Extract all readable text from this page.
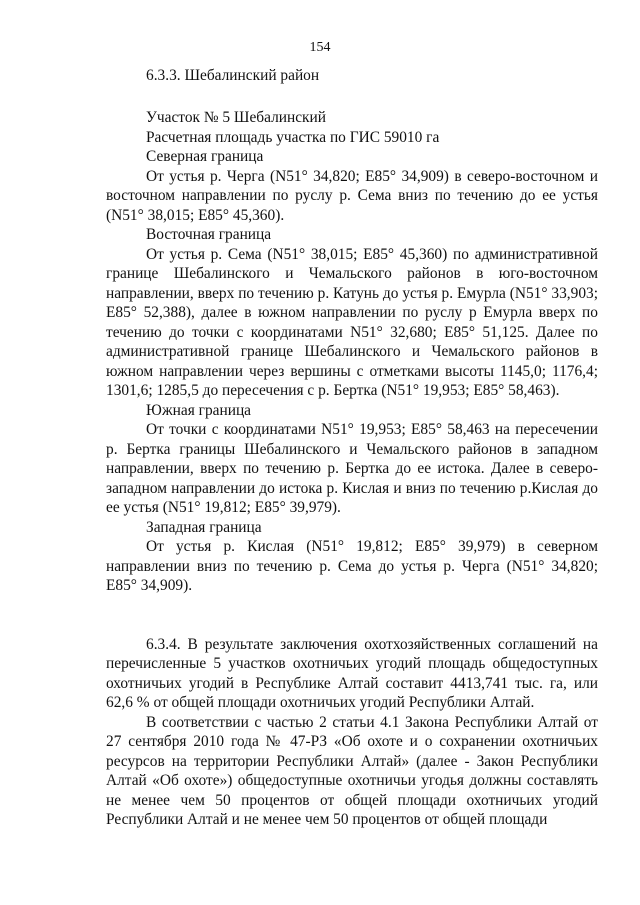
154
6.3.3. Шебалинский район

Участок № 5 Шебалинский

Расчетная площадь участка по ГИС 59010 га

Северная граница

От устья р. Черга (N51° 34,820; E85° 34,909) в северо-восточном и восточном направлении по руслу р. Сема вниз по течению до ее устья (N51° 38,015; E85° 45,360).

Восточная граница

От устья р. Сема (N51° 38,015; E85° 45,360) по административной границе Шебалинского и Чемальского районов в юго-восточном направлении, вверх по течению р. Катунь до устья р. Емурла (N51° 33,903; E85° 52,388), далее в южном направлении по руслу р Емурла вверх по течению до точки с координатами N51° 32,680; E85° 51,125. Далее по административной границе Шебалинского и Чемальского районов в южном направлении через вершины с отметками высоты 1145,0; 1176,4; 1301,6; 1285,5 до пересечения с р. Бертка (N51° 19,953; E85° 58,463).

Южная граница

От точки с координатами N51° 19,953; E85° 58,463 на пересечении р. Бертка границы Шебалинского и Чемальского районов в западном направлении, вверх по течению р. Бертка до ее истока. Далее в северо-западном направлении до истока р. Кислая и вниз по течению р.Кислая до ее устья (N51° 19,812; E85° 39,979).

Западная граница

От устья р. Кислая (N51° 19,812; E85° 39,979) в северном направлении вниз по течению р. Сема до устья р. Черга (N51° 34,820; E85° 34,909).

6.3.4. В результате заключения охотхозяйственных соглашений на перечисленные 5 участков охотничьих угодий площадь общедоступных охотничьих угодий в Республике Алтай составит 4413,741 тыс. га, или 62,6 % от общей площади охотничьих угодий Республики Алтай.

В соответствии с частью 2 статьи 4.1 Закона Республики Алтай от 27 сентября 2010 года № 47-РЗ «Об охоте и о сохранении охотничьих ресурсов на территории Республики Алтай» (далее - Закон Республики Алтай «Об охоте») общедоступные охотничьи угодья должны составлять не менее чем 50 процентов от общей площади охотничьих угодий Республики Алтай и не менее чем 50 процентов от общей площади
